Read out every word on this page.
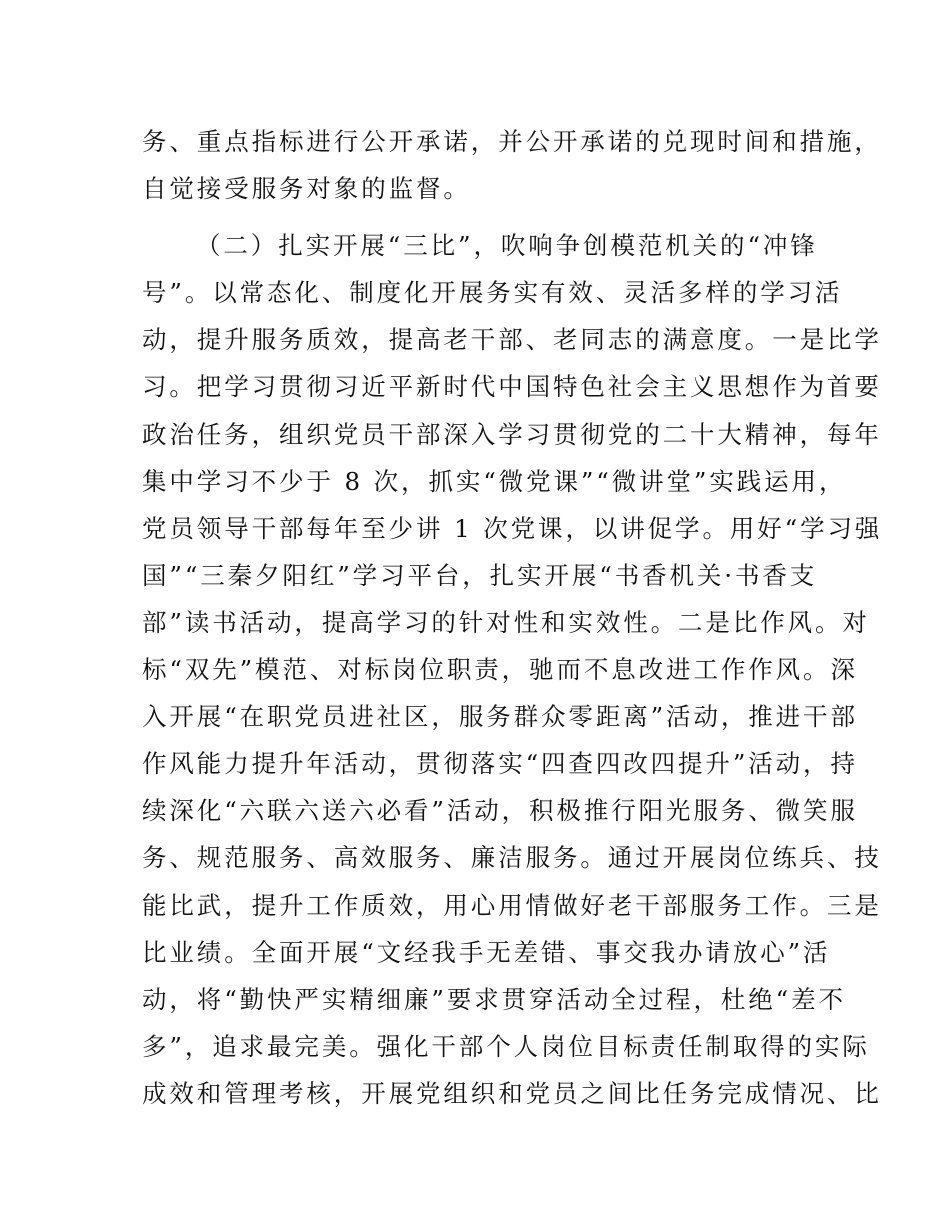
务、重点指标进行公开承诺，并公开承诺的兑现时间和措施，
自觉接受服务对象的监督。
（二）扎实开展“三比”，吹响争创模范机关的“冲锋
号”。以常态化、制度化开展务实有效、灵活多样的学习活
动，提升服务质效，提高老干部、老同志的满意度。一是比学
习。把学习贯彻习近平新时代中国特色社会主义思想作为首要
政治任务，组织党员干部深入学习贯彻党的二十大精神，每年
集中学习不少于 8 次，抓实“微党课”“微讲堂”实践运用，
党员领导干部每年至少讲 1 次党课，以讲促学。用好“学习强
国”“三秦夕阳红”学习平台，扎实开展“书香机关·书香支
部”读书活动，提高学习的针对性和实效性。二是比作风。对
标“双先”模范、对标岗位职责，驰而不息改进工作作风。深
入开展“在职党员进社区，服务群众零距离”活动，推进干部
作风能力提升年活动，贯彻落实“四查四改四提升”活动，持
续深化“六联六送六必看”活动，积极推行阳光服务、微笑服
务、规范服务、高效服务、廉洁服务。通过开展岗位练兵、技
能比武，提升工作质效，用心用情做好老干部服务工作。三是
比业绩。全面开展“文经我手无差错、事交我办请放心”活
动，将“勤快严实精细廉”要求贯穿活动全过程，杜绝“差不
多”，追求最完美。强化干部个人岗位目标责任制取得的实际
成效和管理考核，开展党组织和党员之间比任务完成情况、比
